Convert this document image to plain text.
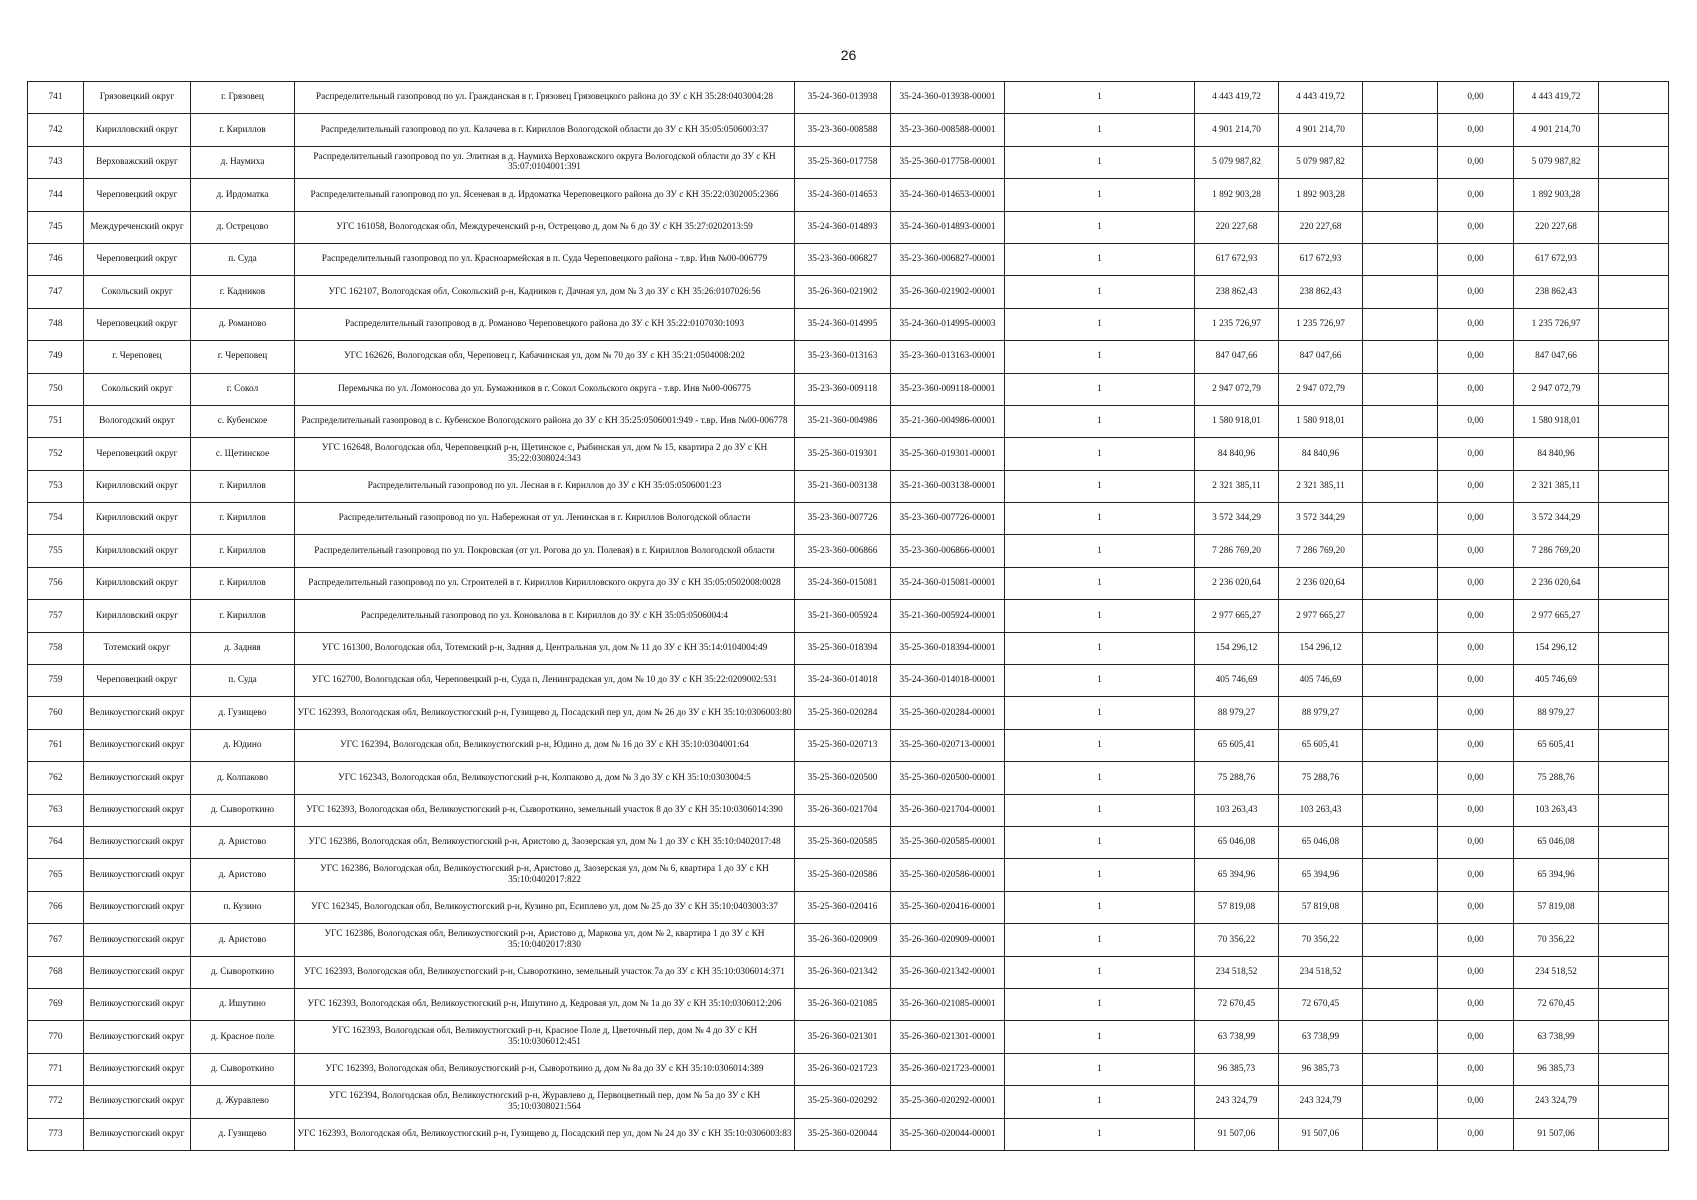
26
741	Грязовецкий округ	г. Грязовец	Распределительный газопровод по ул. Гражданская в г. Грязовец Грязовецкого района до ЗУ с КН 35:28:0403004:28	35-24-360-013938	35-24-360-013938-00001	1	4 443 419,72	4 443 419,72		0,00	4 443 419,72	
742	Кирилловский округ	г. Кириллов	Распределительный газопровод по ул. Калачева в г. Кириллов Вологодской области до ЗУ с КН 35:05:0506003:37	35-23-360-008588	35-23-360-008588-00001	1	4 901 214,70	4 901 214,70		0,00	4 901 214,70	
743	Верховажский округ	д. Наумиха	Распределительный газопровод по ул. Элитная в д. Наумиха Верховажского округа Вологодской области до ЗУ с КН 35:07:0104001:391	35-25-360-017758	35-25-360-017758-00001	1	5 079 987,82	5 079 987,82		0,00	5 079 987,82	
744	Череповецкий округ	д. Ирдоматка	Распределительный газопровод по ул. Ясеневая в д. Ирдоматка Череповецкого района до ЗУ с КН 35:22:0302005:2366	35-24-360-014653	35-24-360-014653-00001	1	1 892 903,28	1 892 903,28		0,00	1 892 903,28	
745	Междуреченский округ	д. Острецово	УГС 161058, Вологодская обл, Междуреченский р-н, Острецово д, дом № 6 до ЗУ с КН 35:27:0202013:59	35-24-360-014893	35-24-360-014893-00001	1	220 227,68	220 227,68		0,00	220 227,68	
746	Череповецкий округ	п. Суда	Распределительный газопровод по ул. Красноармейская в п. Суда Череповецкого района - т.вр. Инв №00-006779	35-23-360-006827	35-23-360-006827-00001	1	617 672,93	617 672,93		0,00	617 672,93	
747	Сокольский округ	г. Кадников	УГС 162107, Вологодская обл, Сокольский р-н, Кадников г, Дачная ул, дом № 3 до ЗУ с КН 35:26:0107026:56	35-26-360-021902	35-26-360-021902-00001	1	238 862,43	238 862,43		0,00	238 862,43	
748	Череповецкий округ	д. Романово	Распределительный газопровод в д. Романово Череповецкого района до ЗУ с КН 35:22:0107030:1093	35-24-360-014995	35-24-360-014995-00003	1	1 235 726,97	1 235 726,97		0,00	1 235 726,97	
749	г. Череповец	г. Череповец	УГС 162626, Вологодская обл, Череповец г, Кабачинская ул, дом № 70 до ЗУ с КН 35:21:0504008:202	35-23-360-013163	35-23-360-013163-00001	1	847 047,66	847 047,66		0,00	847 047,66	
750	Сокольский округ	г. Сокол	Перемычка по ул. Ломоносова до ул. Бумажников в г. Сокол Сокольского округа - т.вр. Инв №00-006775	35-23-360-009118	35-23-360-009118-00001	1	2 947 072,79	2 947 072,79		0,00	2 947 072,79	
751	Вологодский округ	с. Кубенское	Распределительный газопровод в с. Кубенское Вологодского района до ЗУ с КН 35:25:0506001:949 - т.вр. Инв №00-006778	35-21-360-004986	35-21-360-004986-00001	1	1 580 918,01	1 580 918,01		0,00	1 580 918,01	
752	Череповецкий округ	с. Щетинское	УГС 162648, Вологодская обл, Череповецкий р-н, Щетинское с, Рыбинская ул, дом № 15, квартира 2 до ЗУ с КН 35:22:0308024:343	35-25-360-019301	35-25-360-019301-00001	1	84 840,96	84 840,96		0,00	84 840,96	
753	Кирилловский округ	г. Кириллов	Распределительный газопровод по ул. Лесная в г. Кириллов до ЗУ с КН 35:05:0506001:23	35-21-360-003138	35-21-360-003138-00001	1	2 321 385,11	2 321 385,11		0,00	2 321 385,11	
754	Кирилловский округ	г. Кириллов	Распределительный газопровод по ул. Набережная от ул. Ленинская в г. Кириллов Вологодской области	35-23-360-007726	35-23-360-007726-00001	1	3 572 344,29	3 572 344,29		0,00	3 572 344,29	
755	Кирилловский округ	г. Кириллов	Распределительный газопровод по ул. Покровская (от ул. Рогова до ул. Полевая) в г. Кириллов Вологодской области	35-23-360-006866	35-23-360-006866-00001	1	7 286 769,20	7 286 769,20		0,00	7 286 769,20	
756	Кирилловский округ	г. Кириллов	Распределительный газопровод по ул. Строителей в г. Кириллов Кирилловского округа до ЗУ с КН 35:05:0502008:0028	35-24-360-015081	35-24-360-015081-00001	1	2 236 020,64	2 236 020,64		0,00	2 236 020,64	
757	Кирилловский округ	г. Кириллов	Распределительный газопровод по ул. Коновалова в г. Кириллов до ЗУ с КН 35:05:0506004:4	35-21-360-005924	35-21-360-005924-00001	1	2 977 665,27	2 977 665,27		0,00	2 977 665,27	
758	Тотемский округ	д. Задняя	УГС 161300, Вологодская обл, Тотемский р-н, Задняя д, Центральная ул, дом № 11 до ЗУ с КН 35:14:0104004:49	35-25-360-018394	35-25-360-018394-00001	1	154 296,12	154 296,12		0,00	154 296,12	
759	Череповецкий округ	п. Суда	УГС 162700, Вологодская обл, Череповецкий р-н, Суда п, Ленинградская ул, дом № 10 до ЗУ с КН 35:22:0209002:531	35-24-360-014018	35-24-360-014018-00001	1	405 746,69	405 746,69		0,00	405 746,69	
760	Великоустюгский округ	д. Гузищево	УГС 162393, Вологодская обл, Великоустюгский р-н, Гузищево д, Посадский пер ул, дом № 26 до ЗУ с КН 35:10:0306003:80	35-25-360-020284	35-25-360-020284-00001	1	88 979,27	88 979,27		0,00	88 979,27	
761	Великоустюгский округ	д. Юдино	УГС 162394, Вологодская обл, Великоустюгский р-н, Юдино д, дом № 16 до ЗУ с КН 35:10:0304001:64	35-25-360-020713	35-25-360-020713-00001	1	65 605,41	65 605,41		0,00	65 605,41	
762	Великоустюгский округ	д. Колпаково	УГС 162343, Вологодская обл, Великоустюгский р-н, Колпаково д, дом № 3 до ЗУ с КН 35:10:0303004:5	35-25-360-020500	35-25-360-020500-00001	1	75 288,76	75 288,76		0,00	75 288,76	
763	Великоустюгский округ	д. Сывороткино	УГС 162393, Вологодская обл, Великоустюгский р-н, Сывороткино, земельный участок 8 до ЗУ с КН 35:10:0306014:390	35-26-360-021704	35-26-360-021704-00001	1	103 263,43	103 263,43		0,00	103 263,43	
764	Великоустюгский округ	д. Аристово	УГС 162386, Вологодская обл, Великоустюгский р-н, Аристово д, Заозерская ул, дом № 1 до ЗУ с КН 35:10:0402017:48	35-25-360-020585	35-25-360-020585-00001	1	65 046,08	65 046,08		0,00	65 046,08	
765	Великоустюгский округ	д. Аристово	УГС 162386, Вологодская обл, Великоустюгский р-н, Аристово д, Заозерская ул, дом № 6, квартира 1 до ЗУ с КН 35:10:0402017:822	35-25-360-020586	35-25-360-020586-00001	1	65 394,96	65 394,96		0,00	65 394,96	
766	Великоустюгский округ	п. Кузино	УГС 162345, Вологодская обл, Великоустюгский р-н, Кузино рп, Есиплево ул, дом № 25 до ЗУ с КН 35:10:0403003:37	35-25-360-020416	35-25-360-020416-00001	1	57 819,08	57 819,08		0,00	57 819,08	
767	Великоустюгский округ	д. Аристово	УГС 162386, Вологодская обл, Великоустюгский р-н, Аристово д, Маркова ул, дом № 2, квартира 1 до ЗУ с КН 35:10:0402017:830	35-26-360-020909	35-26-360-020909-00001	1	70 356,22	70 356,22		0,00	70 356,22	
768	Великоустюгский округ	д. Сывороткино	УГС 162393, Вологодская обл, Великоустюгский р-н, Сывороткино, земельный участок 7а до ЗУ с КН 35:10:0306014:371	35-26-360-021342	35-26-360-021342-00001	1	234 518,52	234 518,52		0,00	234 518,52	
769	Великоустюгский округ	д. Ишутино	УГС 162393, Вологодская обл, Великоустюгский р-н, Ишутино д, Кедровая ул, дом № 1а до ЗУ с КН 35:10:0306012:206	35-26-360-021085	35-26-360-021085-00001	1	72 670,45	72 670,45		0,00	72 670,45	
770	Великоустюгский округ	д. Красное поле	УГС 162393, Вологодская обл, Великоустюгский р-н, Красное Поле д, Цветочный пер, дом № 4 до ЗУ с КН 35:10:0306012:451	35-26-360-021301	35-26-360-021301-00001	1	63 738,99	63 738,99		0,00	63 738,99	
771	Великоустюгский округ	д. Сывороткино	УГС 162393, Вологодская обл, Великоустюгский р-н, Сывороткино д, дом № 8а до ЗУ с КН 35:10:0306014:389	35-26-360-021723	35-26-360-021723-00001	1	96 385,73	96 385,73		0,00	96 385,73	
772	Великоустюгский округ	д. Журавлево	УГС 162394, Вологодская обл, Великоустюгский р-н, Журавлево д, Первоцветный пер, дом № 5а до ЗУ с КН 35:10:0308021:564	35-25-360-020292	35-25-360-020292-00001	1	243 324,79	243 324,79		0,00	243 324,79	
773	Великоустюгский округ	д. Гузищево	УГС 162393, Вологодская обл, Великоустюгский р-н, Гузищево д, Посадский пер ул, дом № 24 до ЗУ с КН 35:10:0306003:83	35-25-360-020044	35-25-360-020044-00001	1	91 507,06	91 507,06		0,00	91 507,06	
